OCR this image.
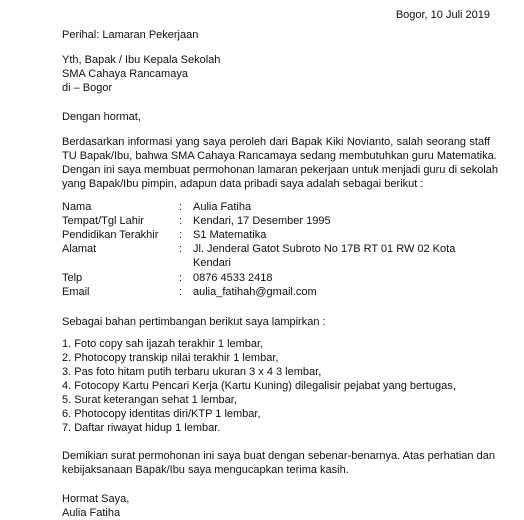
Bogor, 10 Juli 2019
Perihal: Lamaran Pekerjaan
Yth, Bapak / Ibu Kepala Sekolah
SMA Cahaya Rancamaya
di – Bogor
Dengan hormat,
Berdasarkan informasi yang saya peroleh dari Bapak Kiki Novianto, salah seorang staff
TU Bapak/Ibu, bahwa SMA Cahaya Rancamaya sedang membutuhkan guru Matematika.
Dengan ini saya membuat permohonan lamaran pekerjaan untuk menjadi guru di sekolah
yang Bapak/Ibu pimpin, adapun data pribadi saya adalah sebagai berikut :
Nama	: Aulia Fatiha
Tempat/Tgl Lahir	: Kendari, 17 Desember 1995
Pendidikan Terakhir : S1 Matematika
Alamat	: Jl. Jenderal Gatot Subroto No 17B RT 01 RW 02 Kota
Kendari
Telp	: 0876 4533 2418
Email	: aulia_fatihah@gmail.com
Sebagai bahan pertimbangan berikut saya lampirkan :
1. Foto copy sah ijazah terakhir 1 lembar,
2. Photocopy transkip nilai terakhir 1 lembar,
3. Pas foto hitam putih terbaru ukuran 3 x 4 3 lembar,
4. Fotocopy Kartu Pencari Kerja (Kartu Kuning) dilegalisir pejabat yang bertugas,
5. Surat keterangan sehat 1 lembar,
6. Photocopy identitas diri/KTP 1 lembar,
7. Daftar riwayat hidup 1 lembar.
Demikian surat permohonan ini saya buat dengan sebenar-benarnya. Atas perhatian dan
kebijaksanaan Bapak/Ibu saya mengucapkan terima kasih.
Hormat Saya,
Aulia Fatiha
